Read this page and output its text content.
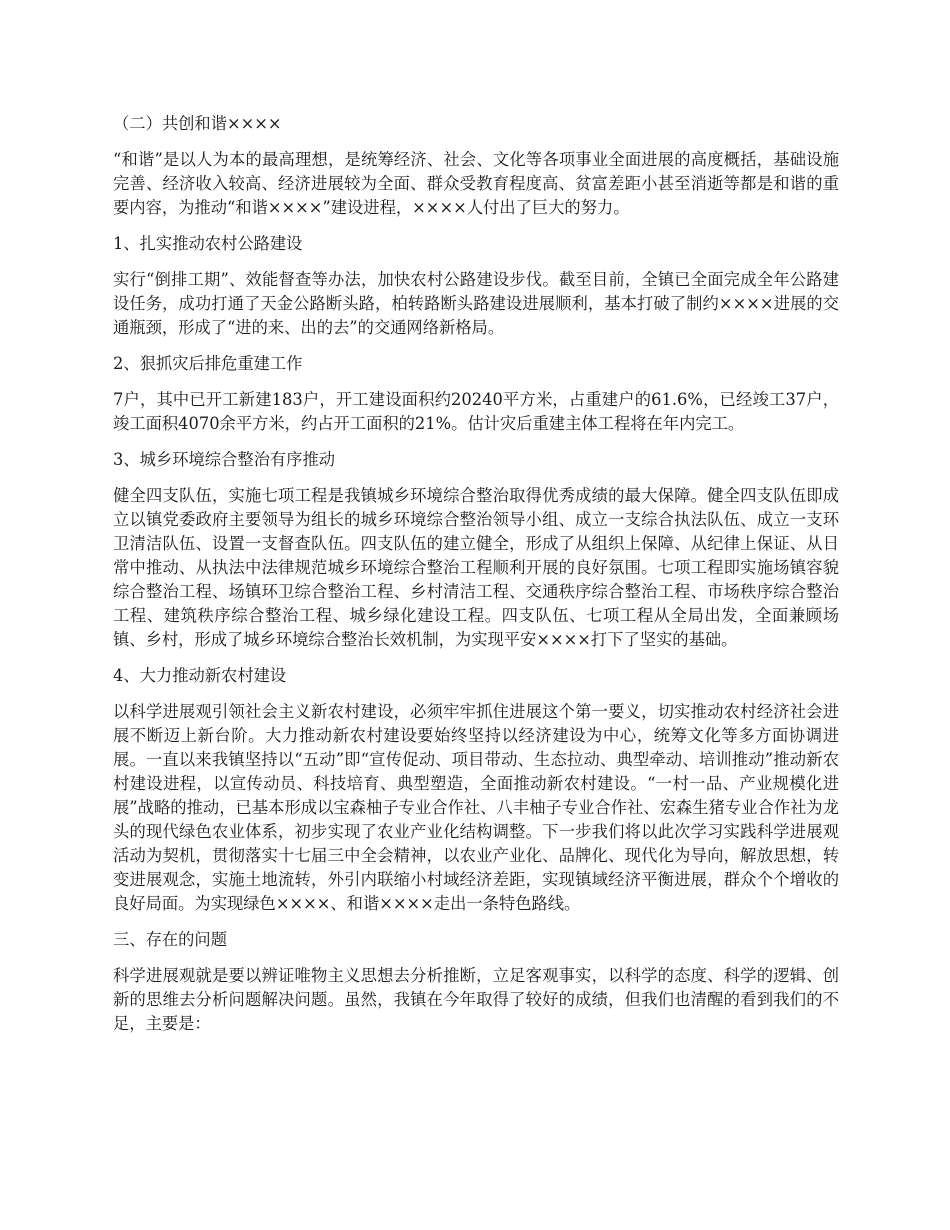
（二）共创和谐××××

“和谐”是以人为本的最高理想，是统筹经济、社会、文化等各项事业全面进展的高度概括，基础设施完善、经济收入较高、经济进展较为全面、群众受教育程度高、贫富差距小甚至消逝等都是和谐的重要内容，为推动“和谐××××”建设进程，××××人付出了巨大的努力。

1、扎实推动农村公路建设

实行“倒排工期”、效能督查等办法，加快农村公路建设步伐。截至目前，全镇已全面完成全年公路建设任务，成功打通了天金公路断头路，柏转路断头路建设进展顺利，基本打破了制约××××进展的交通瓶颈，形成了“进的来、出的去”的交通网络新格局。

2、狠抓灾后排危重建工作

7户，其中已开工新建183户，开工建设面积约20240平方米，占重建户的61.6%，已经竣工37户，竣工面积4070余平方米，约占开工面积的21%。估计灾后重建主体工程将在年内完工。

3、城乡环境综合整治有序推动

健全四支队伍，实施七项工程是我镇城乡环境综合整治取得优秀成绩的最大保障。健全四支队伍即成立以镇党委政府主要领导为组长的城乡环境综合整治领导小组、成立一支综合执法队伍、成立一支环卫清洁队伍、设置一支督查队伍。四支队伍的建立健全，形成了从组织上保障、从纪律上保证、从日常中推动、从执法中法律规范城乡环境综合整治工程顺利开展的良好氛围。七项工程即实施场镇容貌综合整治工程、场镇环卫综合整治工程、乡村清洁工程、交通秩序综合整治工程、市场秩序综合整治工程、建筑秩序综合整治工程、城乡绿化建设工程。四支队伍、七项工程从全局出发，全面兼顾场镇、乡村，形成了城乡环境综合整治长效机制，为实现平安××××打下了坚实的基础。

4、大力推动新农村建设

以科学进展观引领社会主义新农村建设，必须牢牢抓住进展这个第一要义，切实推动农村经济社会进展不断迈上新台阶。大力推动新农村建设要始终坚持以经济建设为中心，统筹文化等多方面协调进展。一直以来我镇坚持以“五动”即“宣传促动、项目带动、生态拉动、典型牵动、培训推动”推动新农村建设进程，以宣传动员、科技培育、典型塑造，全面推动新农村建设。“一村一品、产业规模化进展”战略的推动，已基本形成以宝森柚子专业合作社、八丰柚子专业合作社、宏森生猪专业合作社为龙头的现代绿色农业体系，初步实现了农业产业化结构调整。下一步我们将以此次学习实践科学进展观活动为契机，贯彻落实十七届三中全会精神，以农业产业化、品牌化、现代化为导向，解放思想，转变进展观念，实施土地流转，外引内联缩小村域经济差距，实现镇域经济平衡进展，群众个个增收的良好局面。为实现绿色××××、和谐××××走出一条特色路线。

三、存在的问题

科学进展观就是要以辨证唯物主义思想去分析推断，立足客观事实，以科学的态度、科学的逻辑、创新的思维去分析问题解决问题。虽然，我镇在今年取得了较好的成绩，但我们也清醒的看到我们的不足，主要是：
